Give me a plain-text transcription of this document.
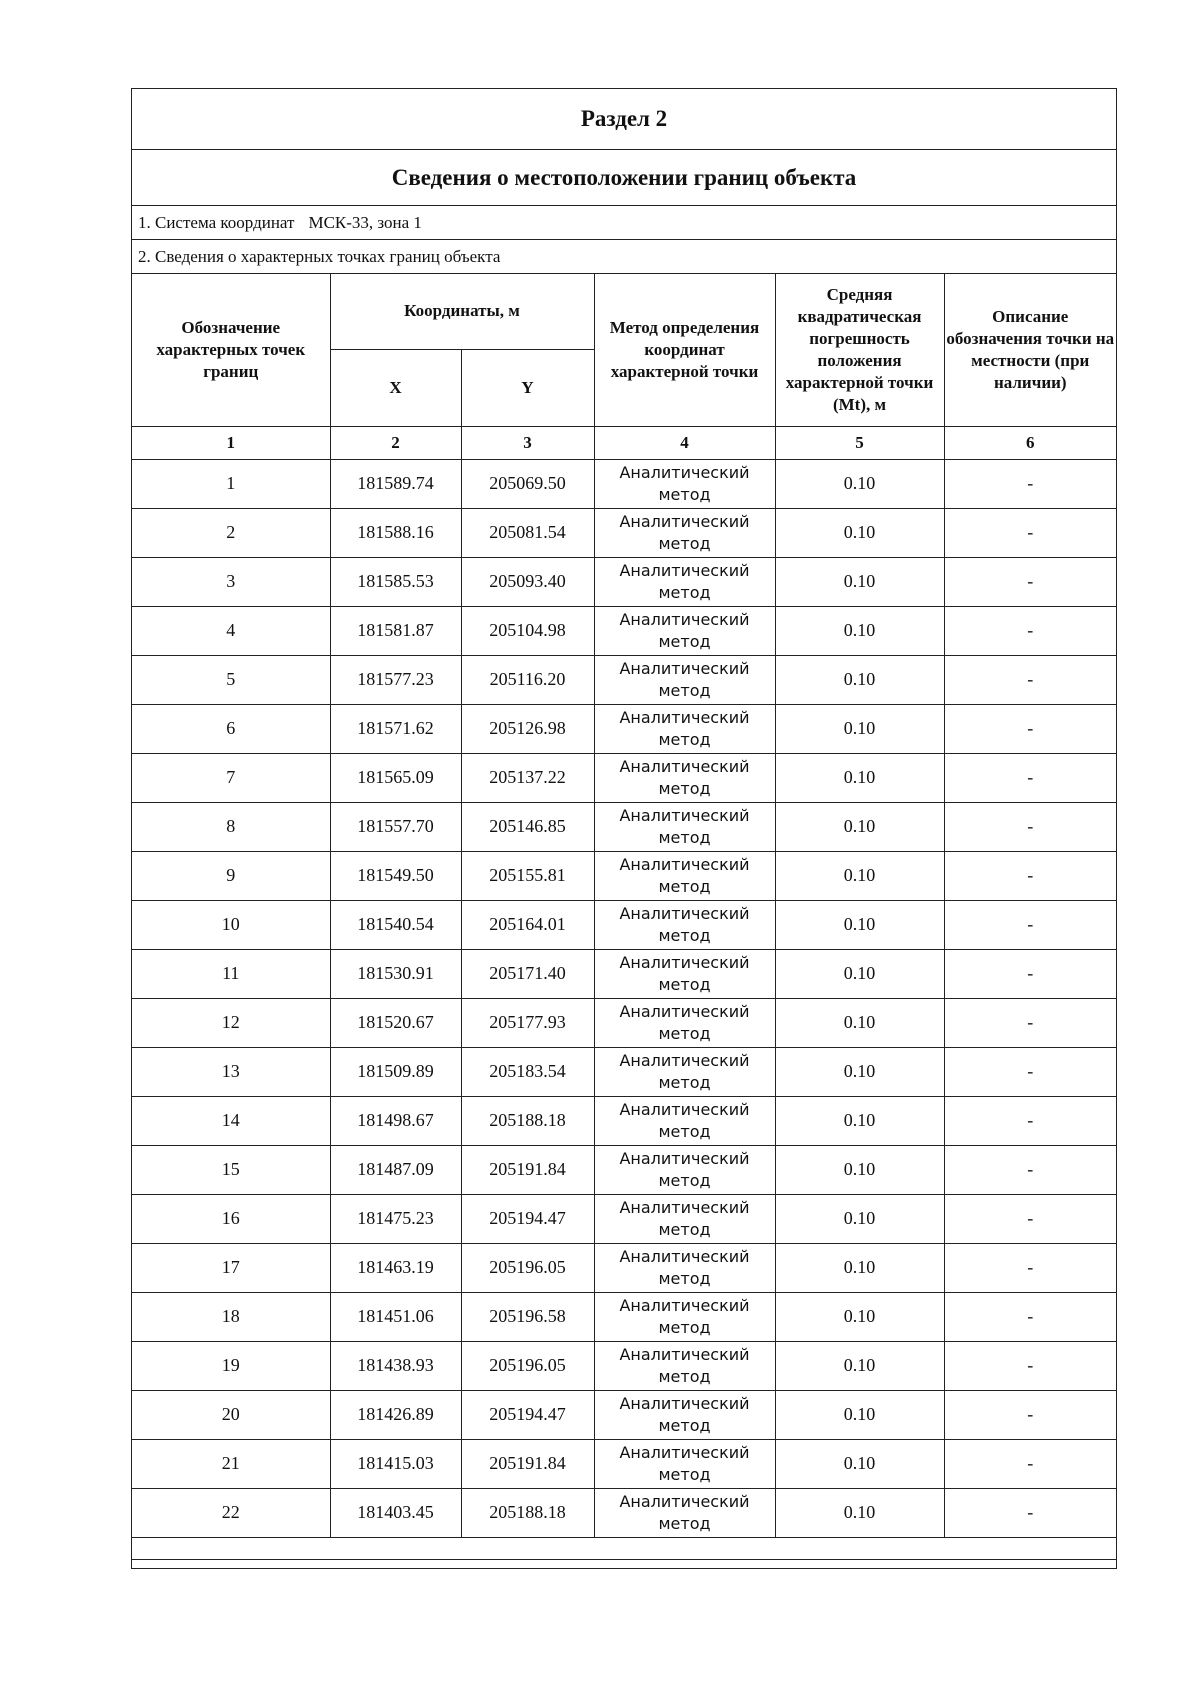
Раздел 2
Сведения о местоположении границ объекта
1. Система координат МСК-33, зона 1
2. Сведения о характерных точках границ объекта
Обозначение характерных точек границ	Координаты, м		Метод определения координат характерной точки	Средняя квадратическая погрешность положения характерной точки (Mt), м	Описание обозначения точки на местности (при наличии)
	X	Y			
1	2	3	4	5	6
1	181589.74	205069.50	Аналитический метод	0.10	-
2	181588.16	205081.54	Аналитический метод	0.10	-
3	181585.53	205093.40	Аналитический метод	0.10	-
4	181581.87	205104.98	Аналитический метод	0.10	-
5	181577.23	205116.20	Аналитический метод	0.10	-
6	181571.62	205126.98	Аналитический метод	0.10	-
7	181565.09	205137.22	Аналитический метод	0.10	-
8	181557.70	205146.85	Аналитический метод	0.10	-
9	181549.50	205155.81	Аналитический метод	0.10	-
10	181540.54	205164.01	Аналитический метод	0.10	-
11	181530.91	205171.40	Аналитический метод	0.10	-
12	181520.67	205177.93	Аналитический метод	0.10	-
13	181509.89	205183.54	Аналитический метод	0.10	-
14	181498.67	205188.18	Аналитический метод	0.10	-
15	181487.09	205191.84	Аналитический метод	0.10	-
16	181475.23	205194.47	Аналитический метод	0.10	-
17	181463.19	205196.05	Аналитический метод	0.10	-
18	181451.06	205196.58	Аналитический метод	0.10	-
19	181438.93	205196.05	Аналитический метод	0.10	-
20	181426.89	205194.47	Аналитический метод	0.10	-
21	181415.03	205191.84	Аналитический метод	0.10	-
22	181403.45	205188.18	Аналитический метод	0.10	-
